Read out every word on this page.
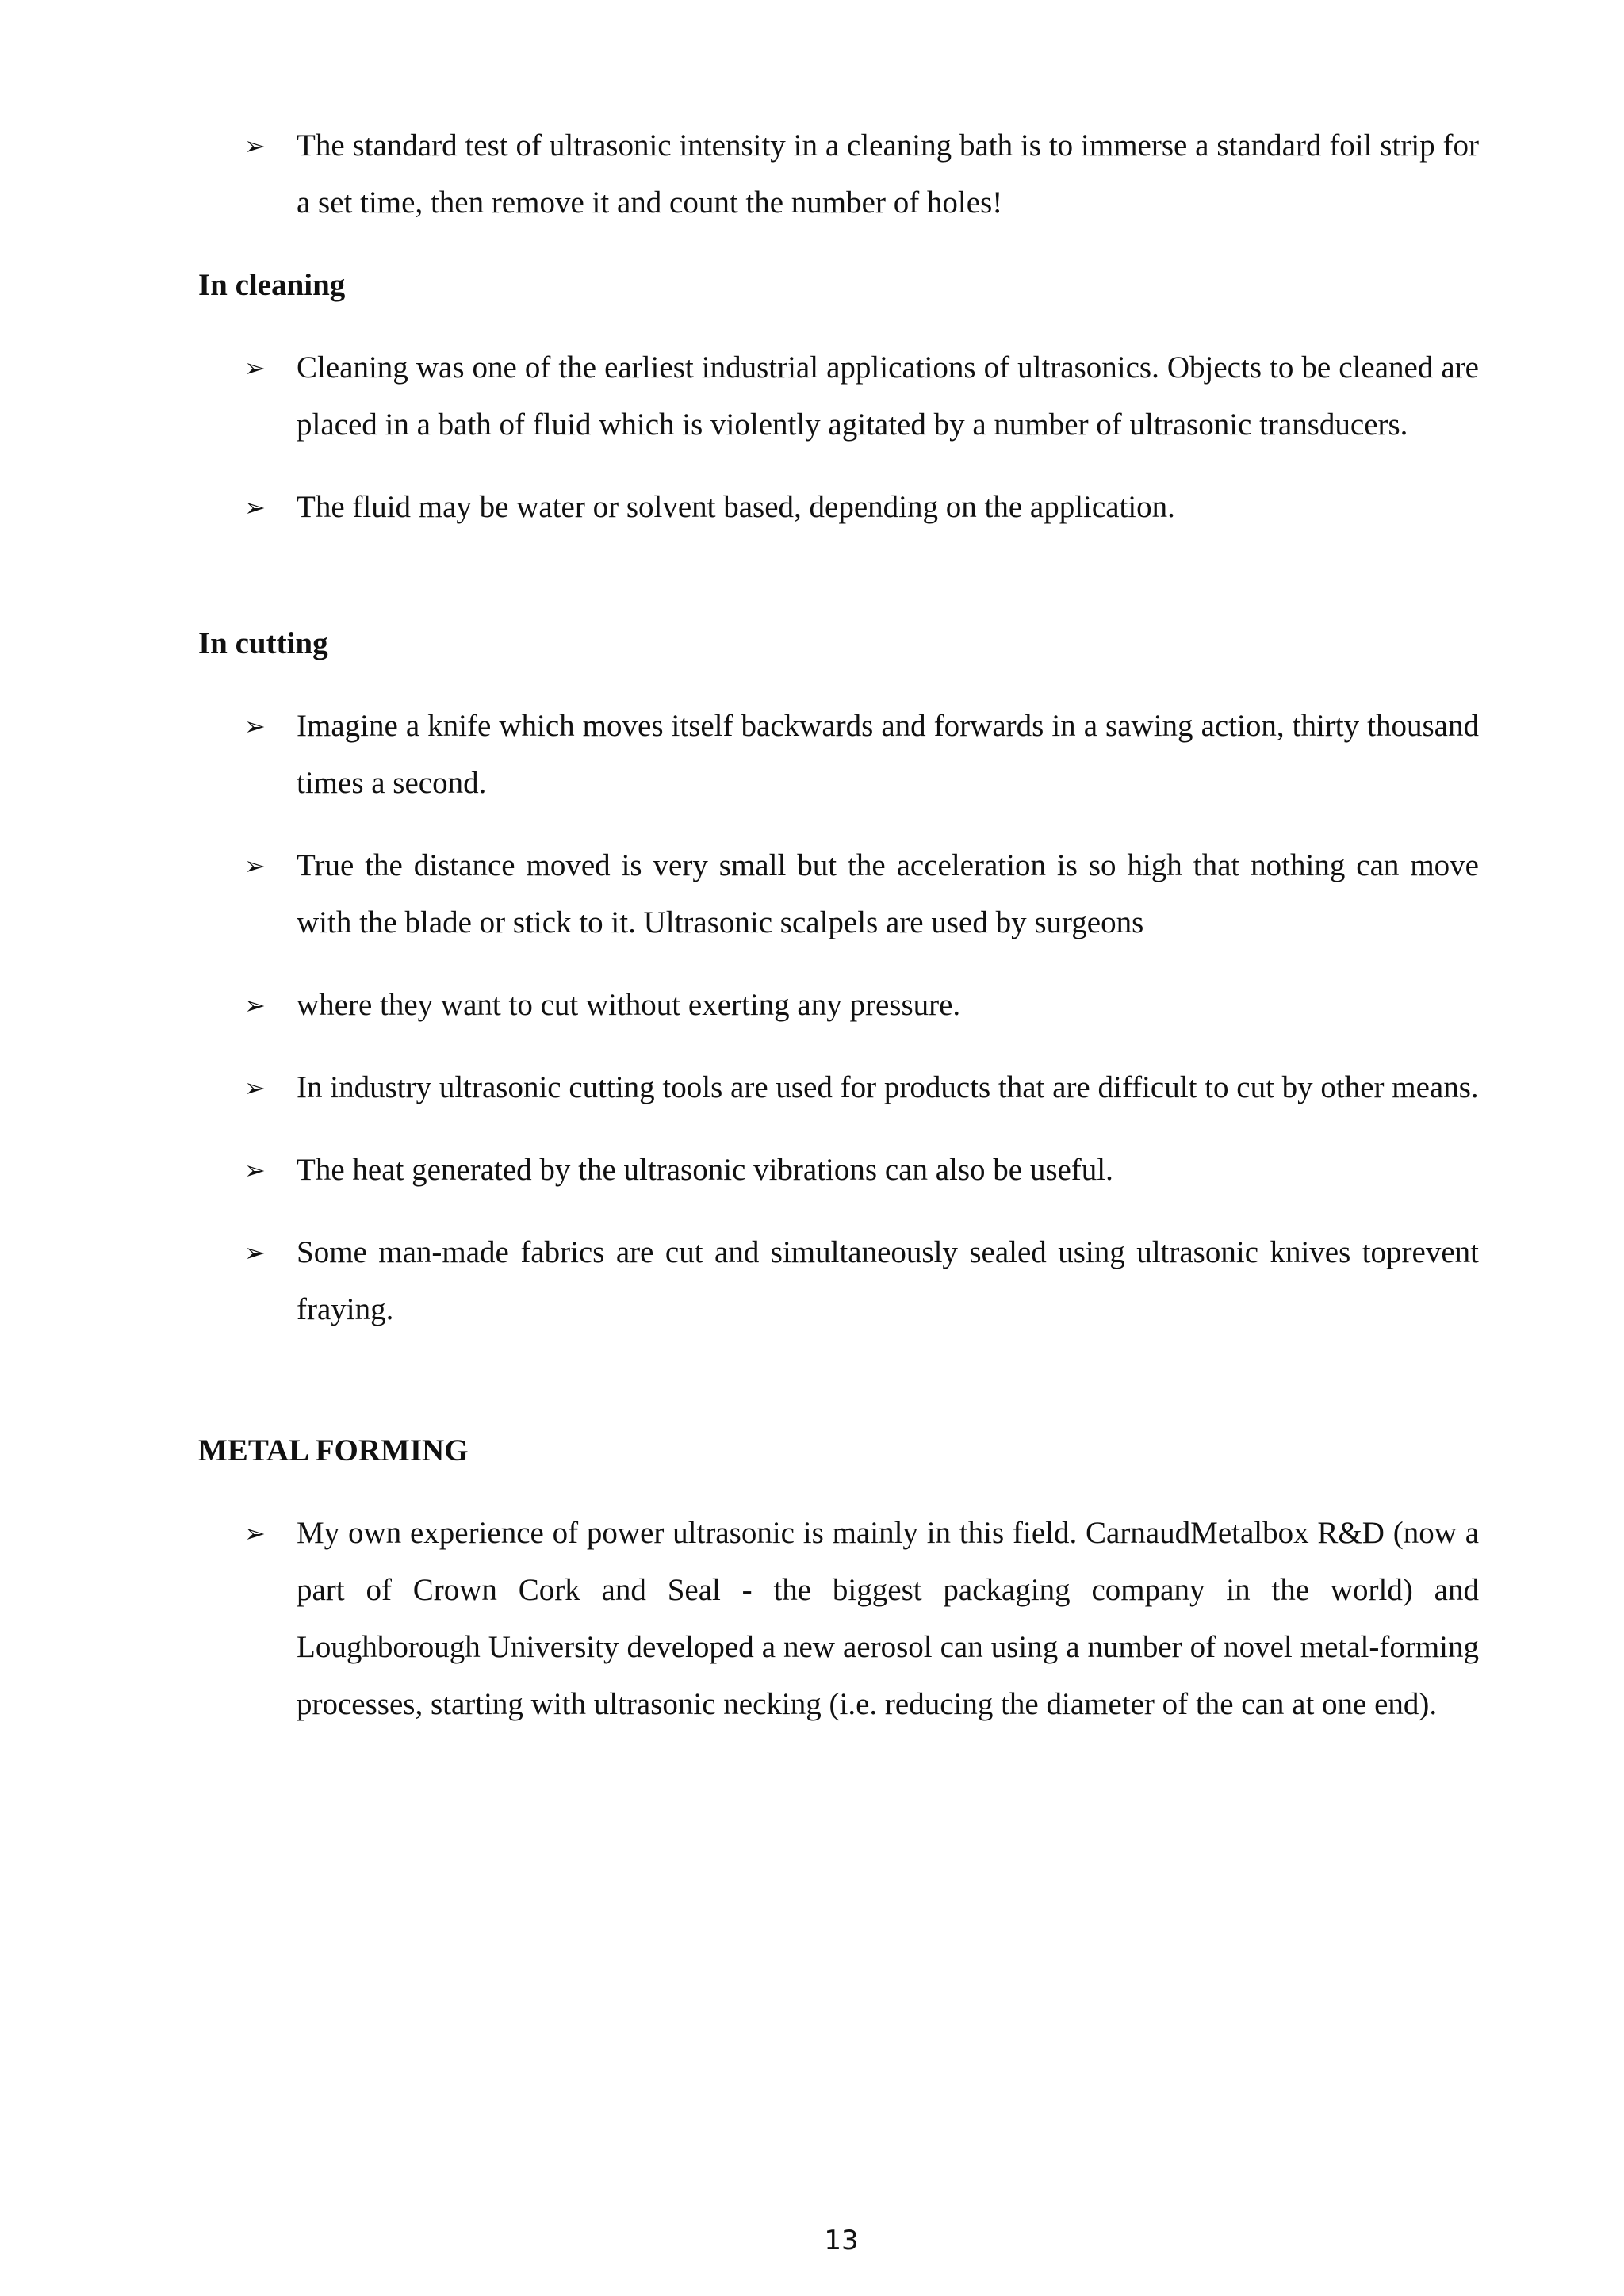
➢ The standard test of ultrasonic intensity in a cleaning bath is to immerse a standard foil strip for a set time, then remove it and count the number of holes!
In cleaning
➢ Cleaning was one of the earliest industrial applications of ultrasonics. Objects to be cleaned are placed in a bath of fluid which is violently agitated by a number of ultrasonic transducers.
➢ The fluid may be water or solvent based, depending on the application.
In cutting
➢ Imagine a knife which moves itself backwards and forwards in a sawing action, thirty thousand times a second.
➢ True the distance moved is very small but the acceleration is so high that nothing can move with the blade or stick to it. Ultrasonic scalpels are used by surgeons
➢ where they want to cut without exerting any pressure.
➢ In industry ultrasonic cutting tools are used for products that are difficult to cut by other means.
➢ The heat generated by the ultrasonic vibrations can also be useful.
➢ Some man-made fabrics are cut and simultaneously sealed using ultrasonic knives toprevent fraying.
METAL FORMING
➢ My own experience of power ultrasonic is mainly in this field. CarnaudMetalbox R&D (now a part of Crown Cork and Seal - the biggest packaging company in the world) and Loughborough University developed a new aerosol can using a number of novel metal-forming processes, starting with ultrasonic necking (i.e. reducing the diameter of the can at one end).
13
